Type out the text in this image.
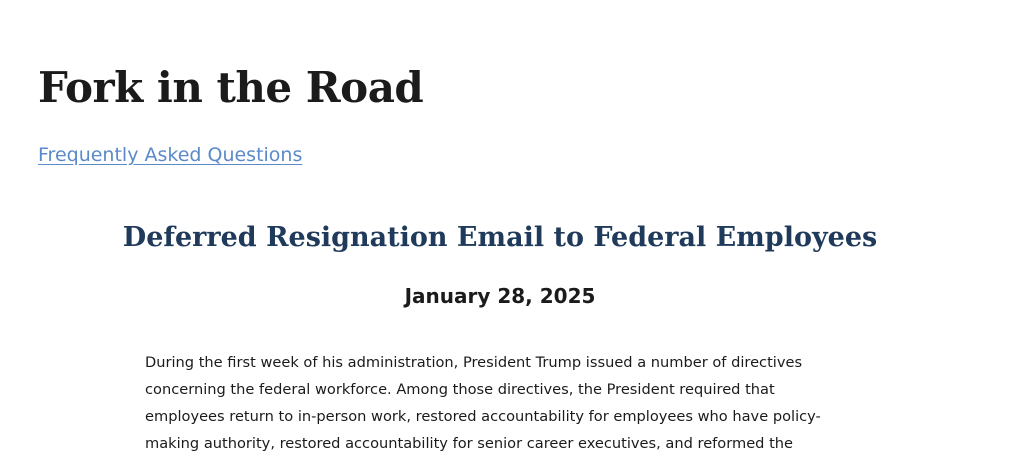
Fork in the Road
Frequently Asked Questions
Deferred Resignation Email to Federal Employees
January 28, 2025

During the first week of his administration, President Trump issued a number of directives
concerning the federal workforce. Among those directives, the President required that
employees return to in-person work, restored accountability for employees who have policy-
making authority, restored accountability for senior career executives, and reformed the
